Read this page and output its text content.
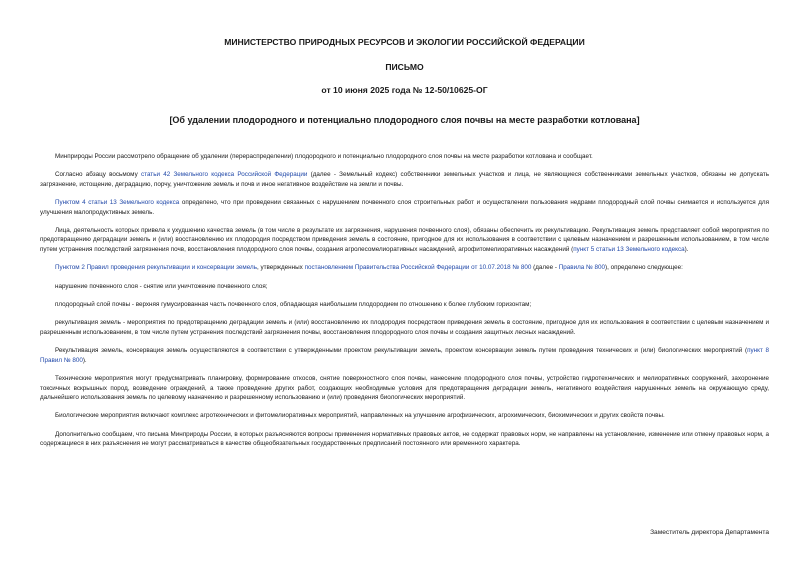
МИНИСТЕРСТВО ПРИРОДНЫХ РЕСУРСОВ И ЭКОЛОГИИ РОССИЙСКОЙ ФЕДЕРАЦИИ
ПИСЬМО
от 10 июня 2025 года № 12-50/10625-ОГ
[Об удалении плодородного и потенциально плодородного слоя почвы на месте разработки котлована]

Минприроды России рассмотрело обращение об удалении (перераспределении) плодородного и потенциально плодородного слоя почвы на месте разработки котлована и сообщает.

Согласно абзацу восьмому статьи 42 Земельного кодекса Российской Федерации (далее - Земельный кодекс) собственники земельных участков и лица, не являющиеся собственниками земельных участков, обязаны не допускать загрязнение, истощение, деградацию, порчу, уничтожение земель и почв и иное негативное воздействие на земли и почвы.

Пунктом 4 статьи 13 Земельного кодекса определено, что при проведении связанных с нарушением почвенного слоя строительных работ и осуществлении пользования недрами плодородный слой почвы снимается и используется для улучшения малопродуктивных земель.

Лица, деятельность которых привела к ухудшению качества земель (в том числе в результате их загрязнения, нарушения почвенного слоя), обязаны обеспечить их рекультивацию. Рекультивация земель представляет собой мероприятия по предотвращению деградации земель и (или) восстановлению их плодородия посредством приведения земель в состояние, пригодное для их использования в соответствии с целевым назначением и разрешенным использованием, в том числе путем устранения последствий загрязнения почв, восстановления плодородного слоя почвы, создания агролесомелиоративных насаждений, агрофитомелиоративных насаждений (пункт 5 статьи 13 Земельного кодекса).

Пунктом 2 Правил проведения рекультивации и консервации земель, утвержденных постановлением Правительства Российской Федерации от 10.07.2018 № 800 (далее - Правила № 800), определено следующее:

нарушение почвенного слоя - снятие или уничтожение почвенного слоя;

плодородный слой почвы - верхняя гумусированная часть почвенного слоя, обладающая наибольшим плодородием по отношению к более глубоким горизонтам;

рекультивация земель - мероприятия по предотвращению деградации земель и (или) восстановлению их плодородия посредством приведения земель в состояние, пригодное для их использования в соответствии с целевым назначением и разрешенным использованием, в том числе путем устранения последствий загрязнения почвы, восстановления плодородного слоя почвы и создания защитных лесных насаждений.

Рекультивация земель, консервация земель осуществляются в соответствии с утвержденными проектом рекультивации земель, проектом консервации земель путем проведения технических и (или) биологических мероприятий (пункт 8 Правил № 800).

Технические мероприятия могут предусматривать планировку, формирование откосов, снятие поверхностного слоя почвы, нанесение плодородного слоя почвы, устройство гидротехнических и мелиоративных сооружений, захоронение токсичных вскрышных пород, возведение ограждений, а также проведение других работ, создающих необходимые условия для предотвращения деградации земель, негативного воздействия нарушенных земель на окружающую среду, дальнейшего использования земель по целевому назначению и разрешенному использованию и (или) проведения биологических мероприятий.

Биологические мероприятия включают комплекс агротехнических и фитомелиоративных мероприятий, направленных на улучшение агрофизических, агрохимических, биохимических и других свойств почвы.

Дополнительно сообщаем, что письма Минприроды России, в которых разъясняются вопросы применения нормативных правовых актов, не содержат правовых норм, не направлены на установление, изменение или отмену правовых норм, а содержащиеся в них разъяснения не могут рассматриваться в качестве общеобязательных государственных предписаний постоянного или временного характера.

Заместитель директора Департамента
